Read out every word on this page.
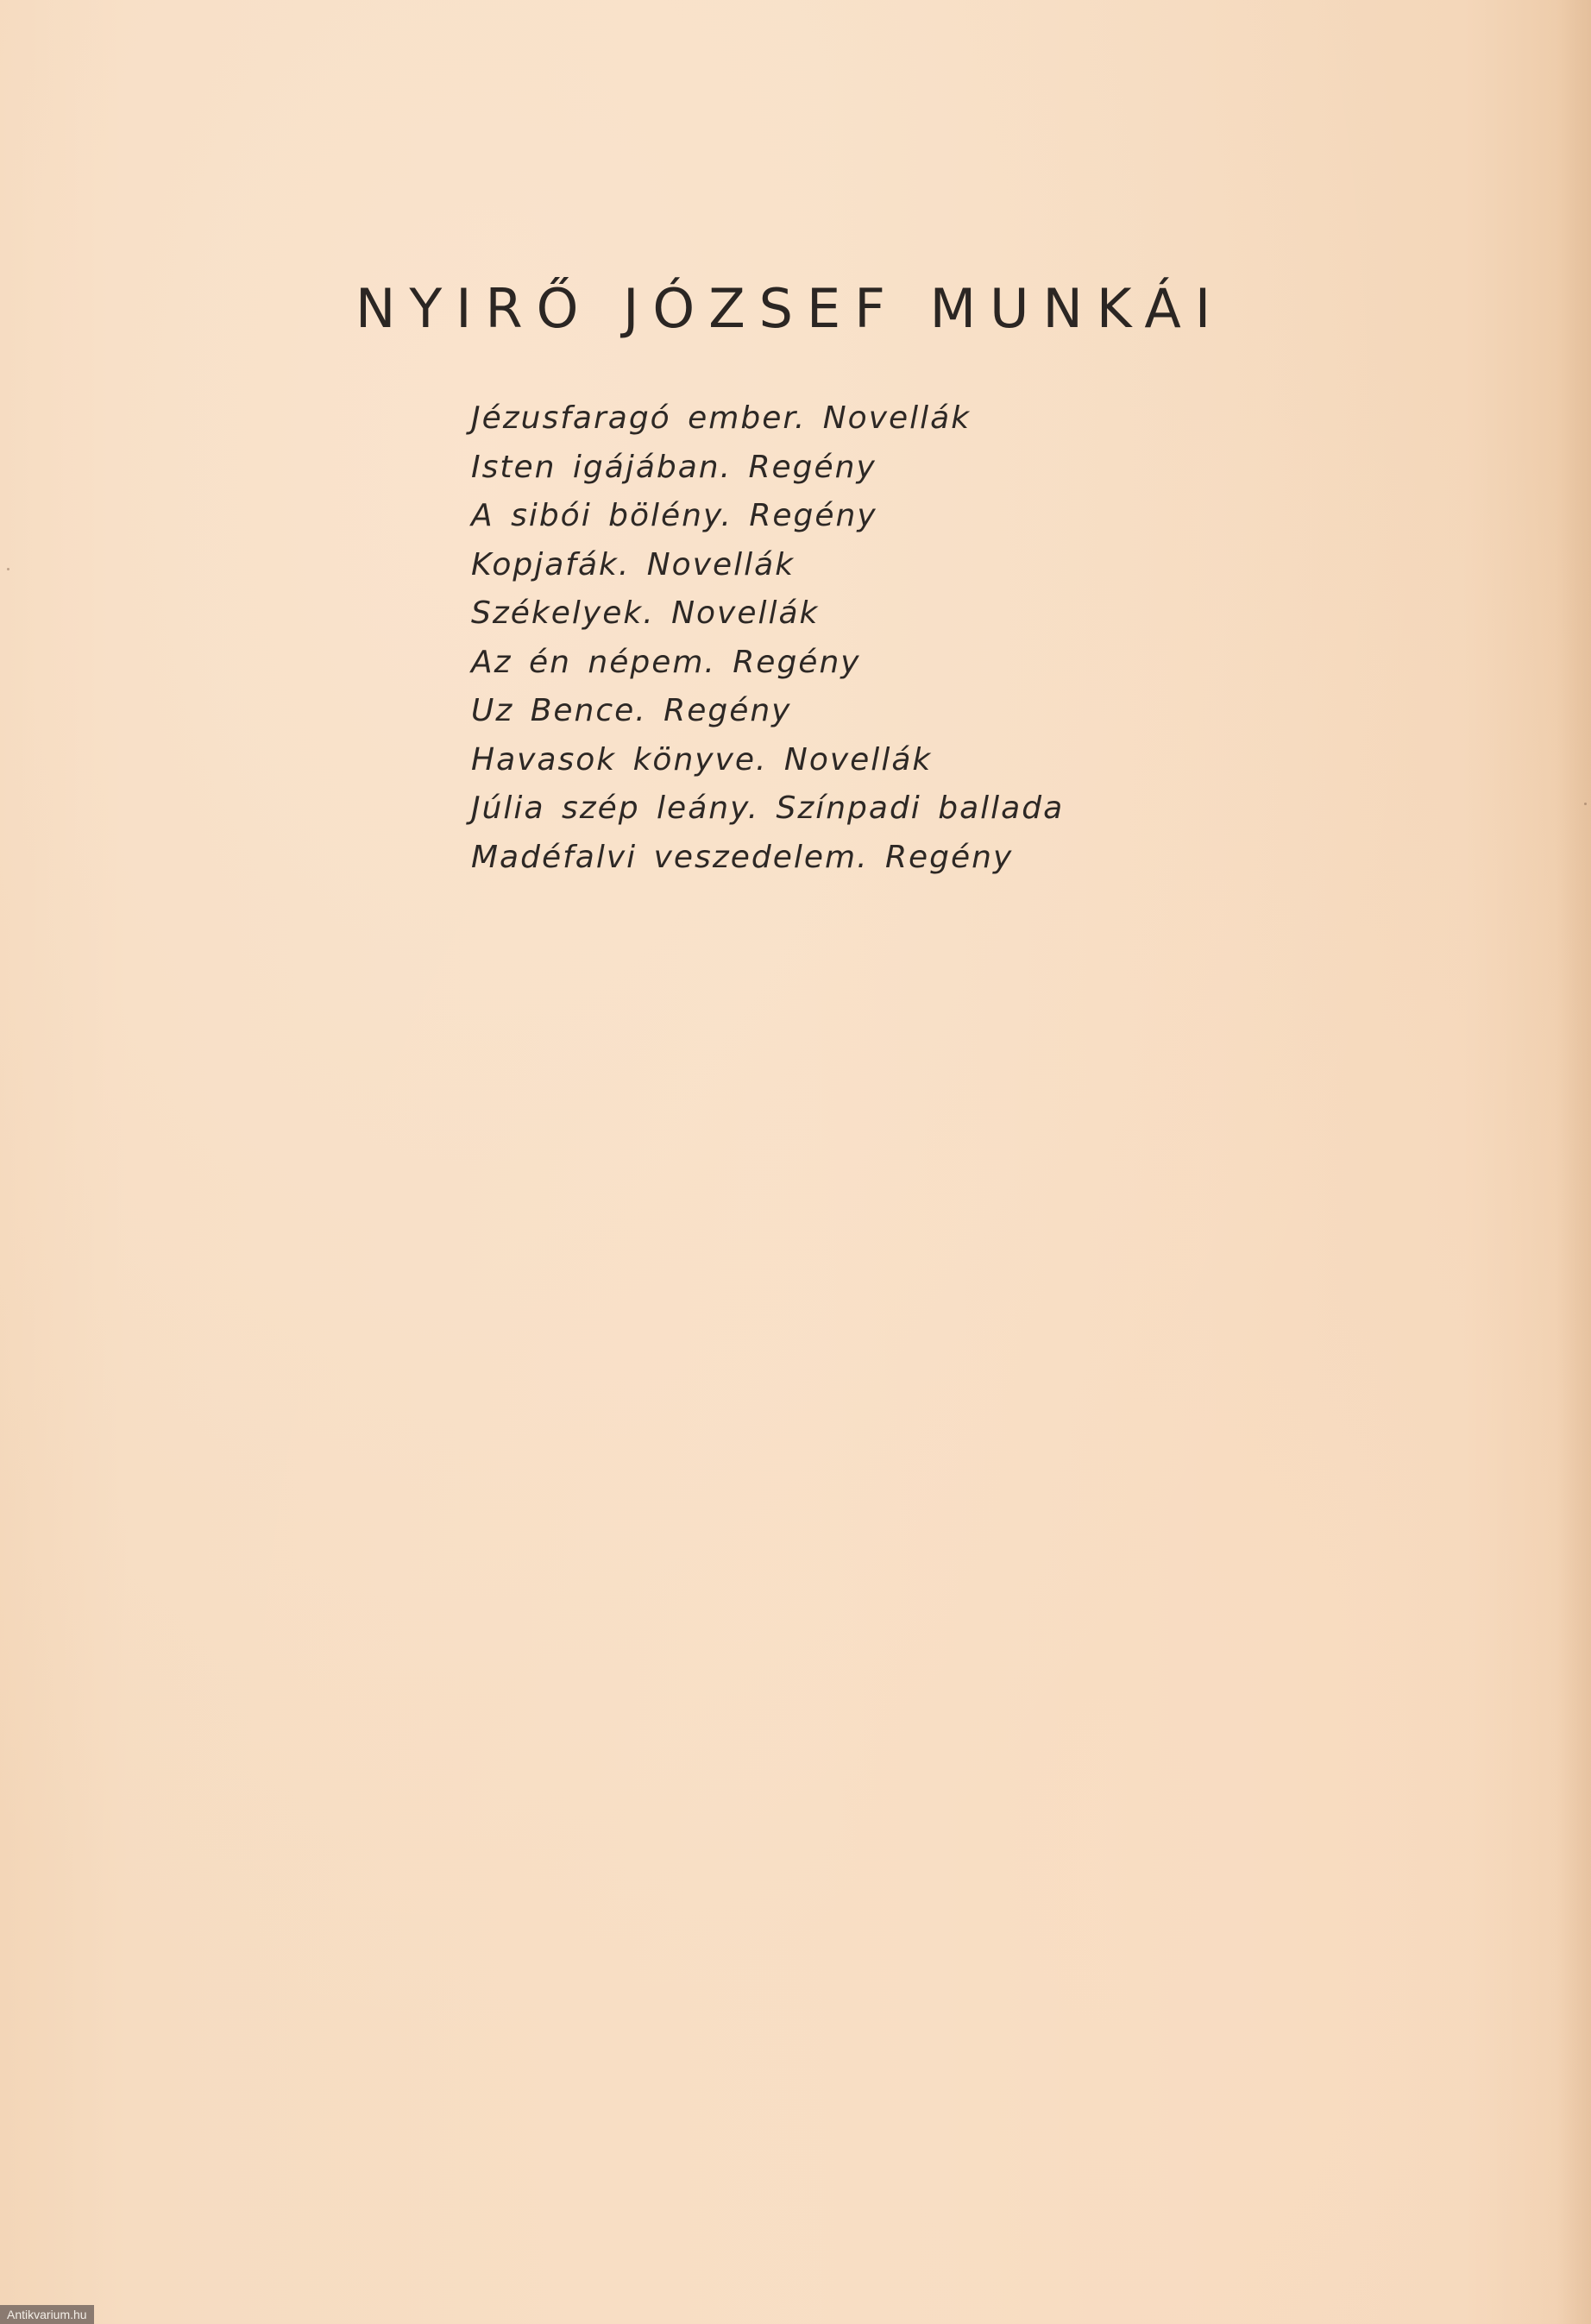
NYIRŐ JÓZSEF MUNKÁI
Jézusfaragó ember. Novellák
Isten igájában. Regény
A sibói bölény. Regény
Kopjafák. Novellák
Székelyek. Novellák
Az én népem. Regény
Uz Bence. Regény
Havasok könyve. Novellák
Júlia szép leány. Színpadi ballada
Madéfalvi veszedelem. Regény
Antikvarium.hu
